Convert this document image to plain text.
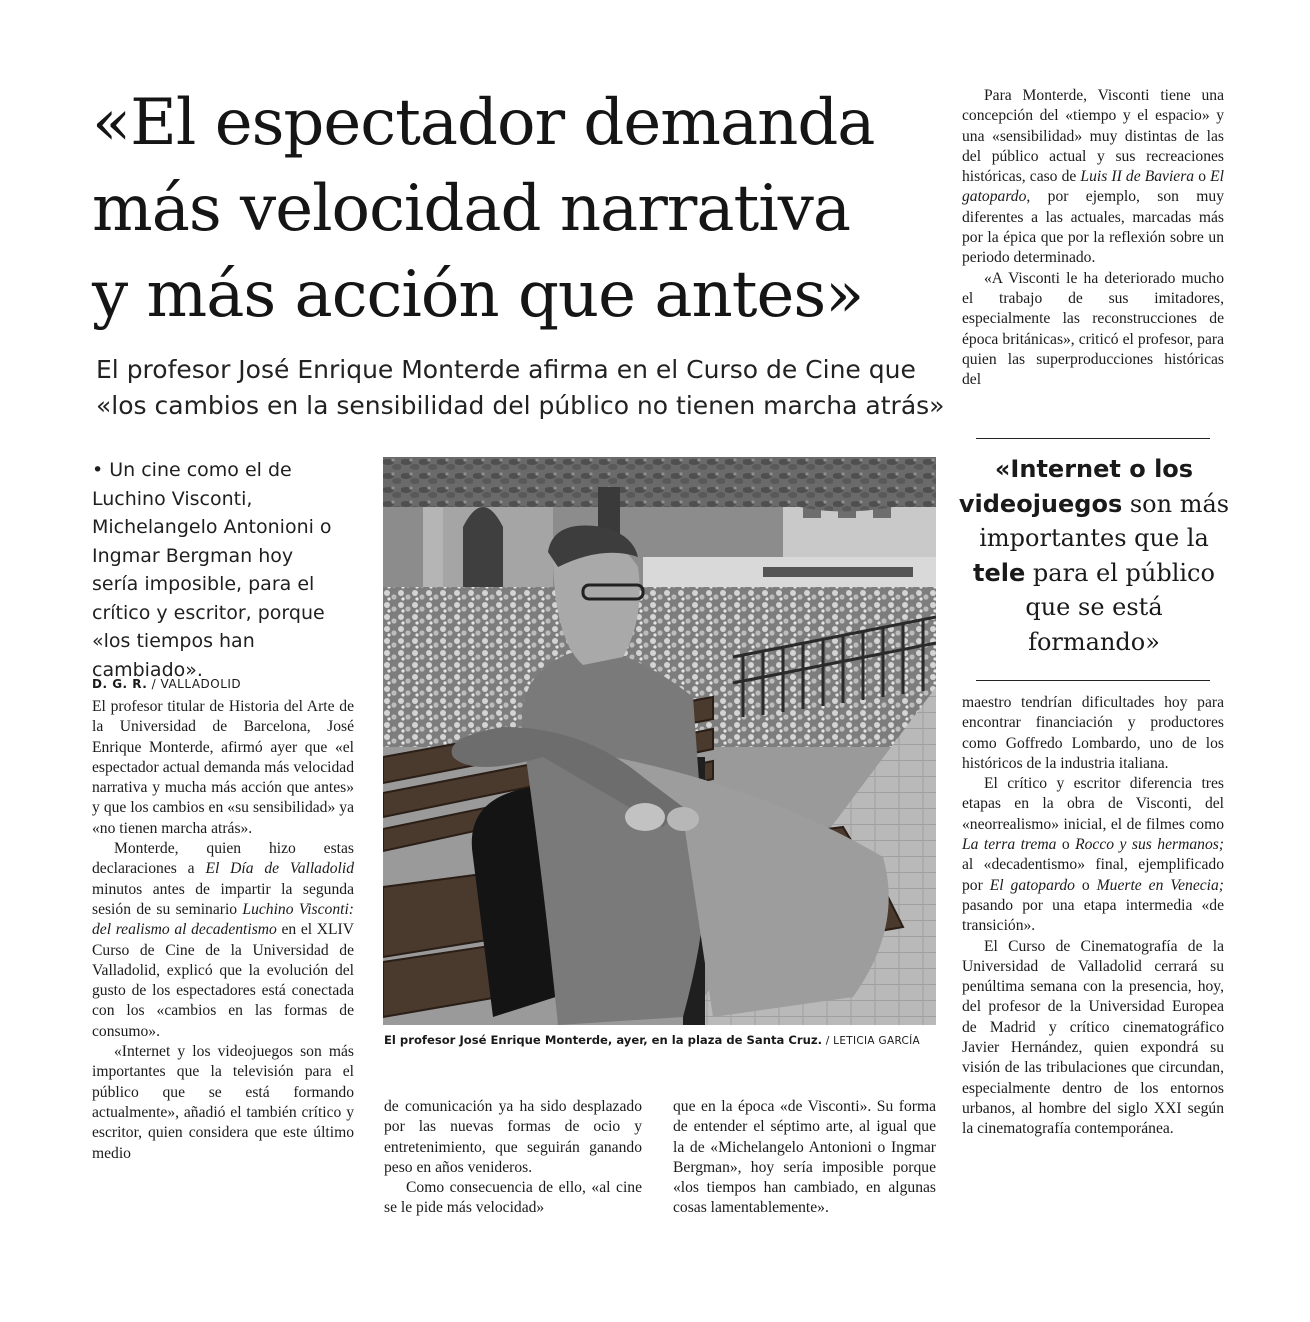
«El espectador demanda
más velocidad narrativa
y más acción que antes»
El profesor José Enrique Monterde afirma en el Curso de Cine que
«los cambios en la sensibilidad del público no tienen marcha atrás»
• Un cine como el de Luchino Visconti, Michelangelo Antonioni o Ingmar Bergman hoy sería imposible, para el crítico y escritor, porque «los tiempos han cambiado».
D. G. R. / VALLADOLID

El profesor titular de Historia del Arte de la Universidad de Barcelona, José Enrique Monterde, afirmó ayer que «el espectador actual demanda más velocidad narrativa y mucha más acción que antes» y que los cambios en «su sensibilidad» ya «no tienen marcha atrás».

Monterde, quien hizo estas declaraciones a El Día de Valladolid minutos antes de impartir la segunda sesión de su seminario Luchino Visconti: del realismo al decadentismo en el XLIV Curso de Cine de la Universidad de Valladolid, explicó que la evolución del gusto de los espectadores está conectada con los «cambios en las formas de consumo».

«Internet y los videojuegos son más importantes que la televisión para el público que se está formando actualmente», añadió el también crítico y escritor, quien considera que este último medio

El profesor José Enrique Monterde, ayer, en la plaza de Santa Cruz. / LETICIA GARCÍA

de comunicación ya ha sido desplazado por las nuevas formas de ocio y entretenimiento, que seguirán ganando peso en años venideros.

Como consecuencia de ello, «al cine se le pide más velocidad»

que en la época «de Visconti». Su forma de entender el séptimo arte, al igual que la de «Michelangelo Antonioni o Ingmar Bergman», hoy sería imposible porque «los tiempos han cambiado, en algunas cosas lamentablemente».

Para Monterde, Visconti tiene una concepción del «tiempo y el espacio» y una «sensibilidad» muy distintas de las del público actual y sus recreaciones históricas, caso de Luis II de Baviera o El gatopardo, por ejemplo, son muy diferentes a las actuales, marcadas más por la épica que por la reflexión sobre un periodo determinado.

«A Visconti le ha deteriorado mucho el trabajo de sus imitadores, especialmente las reconstrucciones de época británicas», criticó el profesor, para quien las superproducciones históricas del

«Internet o los videojuegos son más importantes que la tele para el público que se está formando»

maestro tendrían dificultades hoy para encontrar financiación y productores como Goffredo Lombardo, uno de los históricos de la industria italiana.

El crítico y escritor diferencia tres etapas en la obra de Visconti, del «neorrealismo» inicial, el de filmes como La terra trema o Rocco y sus hermanos; al «decadentismo» final, ejemplificado por El gatopardo o Muerte en Venecia; pasando por una etapa intermedia «de transición».

El Curso de Cinematografía de la Universidad de Valladolid cerrará su penúltima semana con la presencia, hoy, del profesor de la Universidad Europea de Madrid y crítico cinematográfico Javier Hernández, quien expondrá su visión de las tribulaciones que circundan, especialmente dentro de los entornos urbanos, al hombre del siglo XXI según la cinematografía contemporánea.
